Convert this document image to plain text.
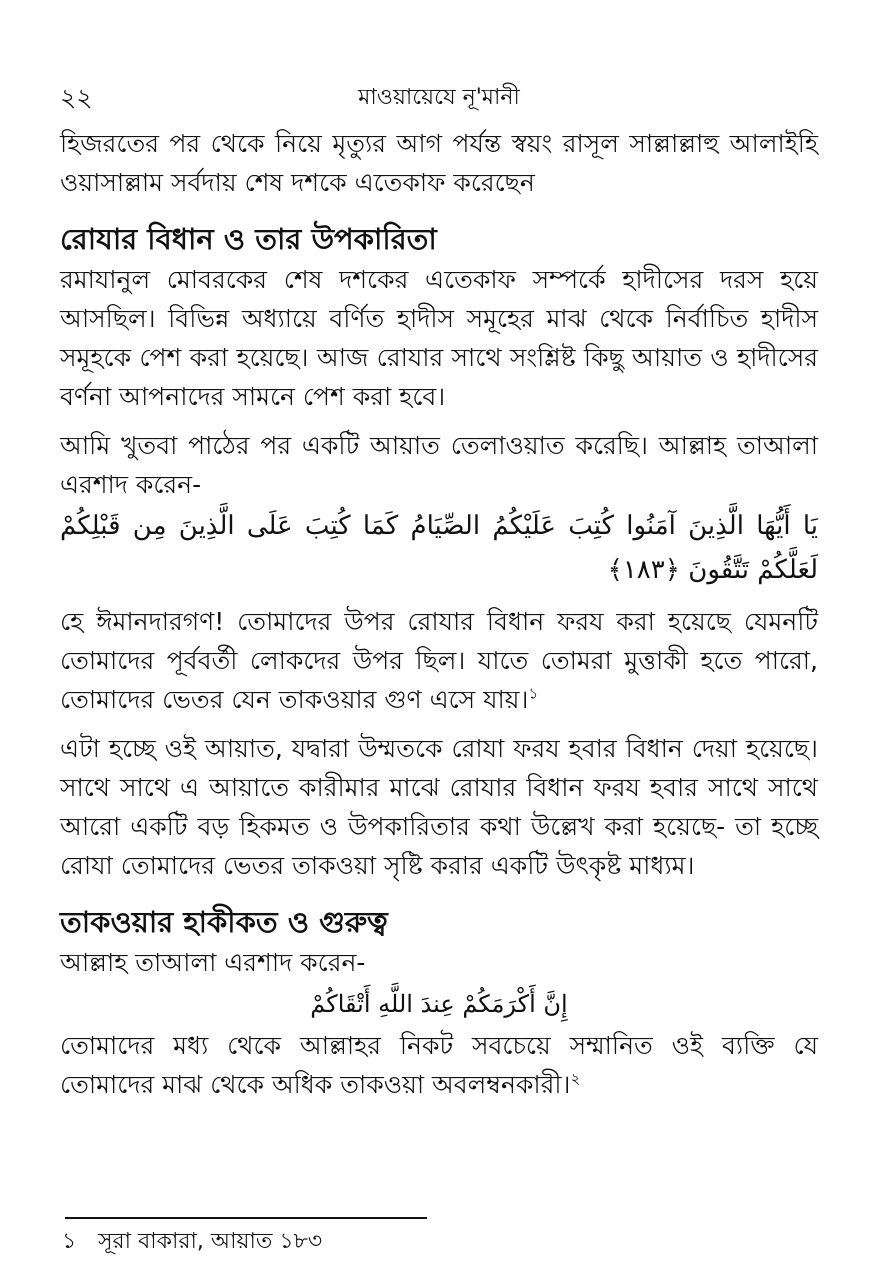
২২	মাওয়ায়েযে নূ'মানী

হিজরতের পর থেকে নিয়ে মৃত্যুর আগ পর্যন্ত স্বয়ং রাসূল সাল্লাল্লাহু আলাইহি ওয়াসাল্লাম সর্বদায় শেষ দশকে এতেকাফ করেছেন

রোযার বিধান ও তার উপকারিতা

রমাযানুল মোবরকের শেষ দশকের এতেকাফ সম্পর্কে হাদীসের দরস হয়ে আসছিল। বিভিন্ন অধ্যায়ে বর্ণিত হাদীস সমূহের মাঝ থেকে নির্বাচিত হাদীস সমূহকে পেশ করা হয়েছে। আজ রোযার সাথে সংশ্লিষ্ট কিছু আয়াত ও হাদীসের বর্ণনা আপনাদের সামনে পেশ করা হবে।

আমি খুতবা পাঠের পর একটি আয়াত তেলাওয়াত করেছি। আল্লাহ তাআলা এরশাদ করেন-

يَا أَيُّهَا الَّذِينَ آمَنُوا كُتِبَ عَلَيْكُمُ الصِّيَامُ كَمَا كُتِبَ عَلَى الَّذِينَ مِن قَبْلِكُمْ لَعَلَّكُمْ تَتَّقُونَ ﴿١٨٣﴾

হে ঈমানদারগণ! তোমাদের উপর রোযার বিধান ফরয করা হয়েছে যেমনটি তোমাদের পূর্ববর্তী লোকদের উপর ছিল। যাতে তোমরা মুত্তাকী হতে পারো, তোমাদের ভেতর যেন তাকওয়ার গুণ এসে যায়।$^১$

এটা হচ্ছে ওই আয়াত, যদ্বারা উম্মতকে রোযা ফরয হবার বিধান দেয়া হয়েছে। সাথে সাথে এ আয়াতে কারীমার মাঝে রোযার বিধান ফরয হবার সাথে সাথে আরো একটি বড় হিকমত ও উপকারিতার কথা উল্লেখ করা হয়েছে- তা হচ্ছে রোযা তোমাদের ভেতর তাকওয়া সৃষ্টি করার একটি উৎকৃষ্ট মাধ্যম।

তাকওয়ার হাকীকত ও গুরুত্ব

আল্লাহ তাআলা এরশাদ করেন-

إِنَّ أَكْرَمَكُمْ عِندَ اللَّهِ أَتْقَاكُمْ

তোমাদের মধ্য থেকে আল্লাহর নিকট সবচেয়ে সম্মানিত ওই ব্যক্তি যে তোমাদের মাঝ থেকে অধিক তাকওয়া অবলম্বনকারী।$^২$

১ সূরা বাকারা, আয়াত ১৮৩
